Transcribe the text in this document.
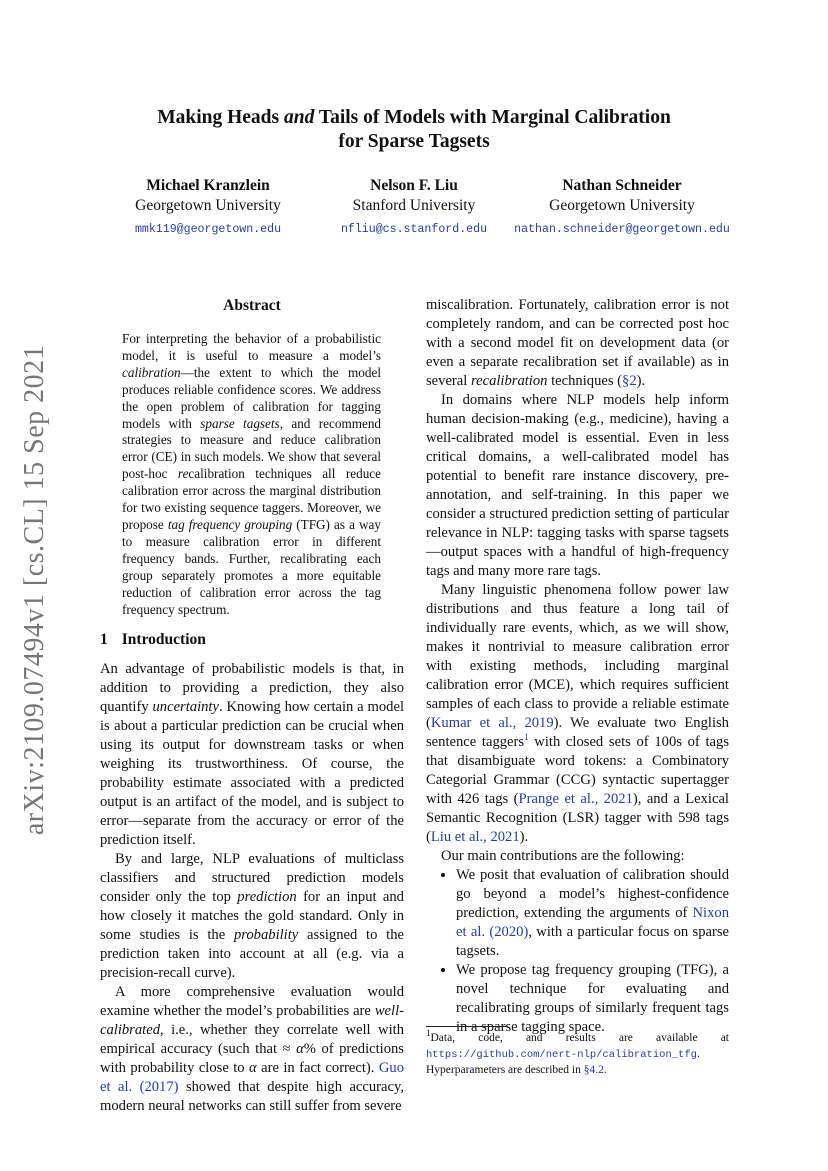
arXiv:2109.07494v1 [cs.CL] 15 Sep 2021
Making Heads and Tails of Models with Marginal Calibration
for Sparse Tagsets
Michael Kranzlein
Georgetown University
mmk119@georgetown.edu
Nelson F. Liu
Stanford University
nfliu@cs.stanford.edu
Nathan Schneider
Georgetown University
nathan.schneider@georgetown.edu
Abstract
For interpreting the behavior of a probabilistic model, it is useful to measure a model’s calibration—the extent to which the model produces reliable confidence scores. We address the open problem of calibration for tagging models with sparse tagsets, and recommend strategies to measure and reduce calibration error (CE) in such models. We show that several post-hoc recalibration techniques all reduce calibration error across the marginal distribution for two existing sequence taggers. Moreover, we propose tag frequency grouping (TFG) as a way to measure calibration error in different frequency bands. Further, recalibrating each group separately promotes a more equitable reduction of calibration error across the tag frequency spectrum.
1 Introduction

An advantage of probabilistic models is that, in addition to providing a prediction, they also quantify uncertainty. Knowing how certain a model is about a particular prediction can be crucial when using its output for downstream tasks or when weighing its trustworthiness. Of course, the probability estimate associated with a predicted output is an artifact of the model, and is subject to error—separate from the accuracy or error of the prediction itself.

By and large, NLP evaluations of multiclass classifiers and structured prediction models consider only the top prediction for an input and how closely it matches the gold standard. Only in some studies is the probability assigned to the prediction taken into account at all (e.g. via a precision-recall curve).

A more comprehensive evaluation would examine whether the model’s probabilities are well-calibrated, i.e., whether they correlate well with empirical accuracy (such that ≈ α% of predictions with probability close to α are in fact correct). Guo et al. (2017) showed that despite high accuracy, modern neural networks can still suffer from severe

miscalibration. Fortunately, calibration error is not completely random, and can be corrected post hoc with a second model fit on development data (or even a separate recalibration set if available) as in several recalibration techniques (§2).

In domains where NLP models help inform human decision-making (e.g., medicine), having a well-calibrated model is essential. Even in less critical domains, a well-calibrated model has potential to benefit rare instance discovery, pre-annotation, and self-training. In this paper we consider a structured prediction setting of particular relevance in NLP: tagging tasks with sparse tagsets—output spaces with a handful of high-frequency tags and many more rare tags.

Many linguistic phenomena follow power law distributions and thus feature a long tail of individually rare events, which, as we will show, makes it nontrivial to measure calibration error with existing methods, including marginal calibration error (MCE), which requires sufficient samples of each class to provide a reliable estimate (Kumar et al., 2019). We evaluate two English sentence taggers$^1$ with closed sets of 100s of tags that disambiguate word tokens: a Combinatory Categorial Grammar (CCG) syntactic supertagger with 426 tags (Prange et al., 2021), and a Lexical Semantic Recognition (LSR) tagger with 598 tags (Liu et al., 2021).

Our main contributions are the following:

• We posit that evaluation of calibration should go beyond a model’s highest-confidence prediction, extending the arguments of Nixon et al. (2020), with a particular focus on sparse tagsets.
• We propose tag frequency grouping (TFG), a novel technique for evaluating and recalibrating groups of similarly frequent tags in a sparse tagging space.
$^1$Data, code, and results are available at https://github.com/nert-nlp/calibration_tfg. Hyperparameters are described in §4.2.
